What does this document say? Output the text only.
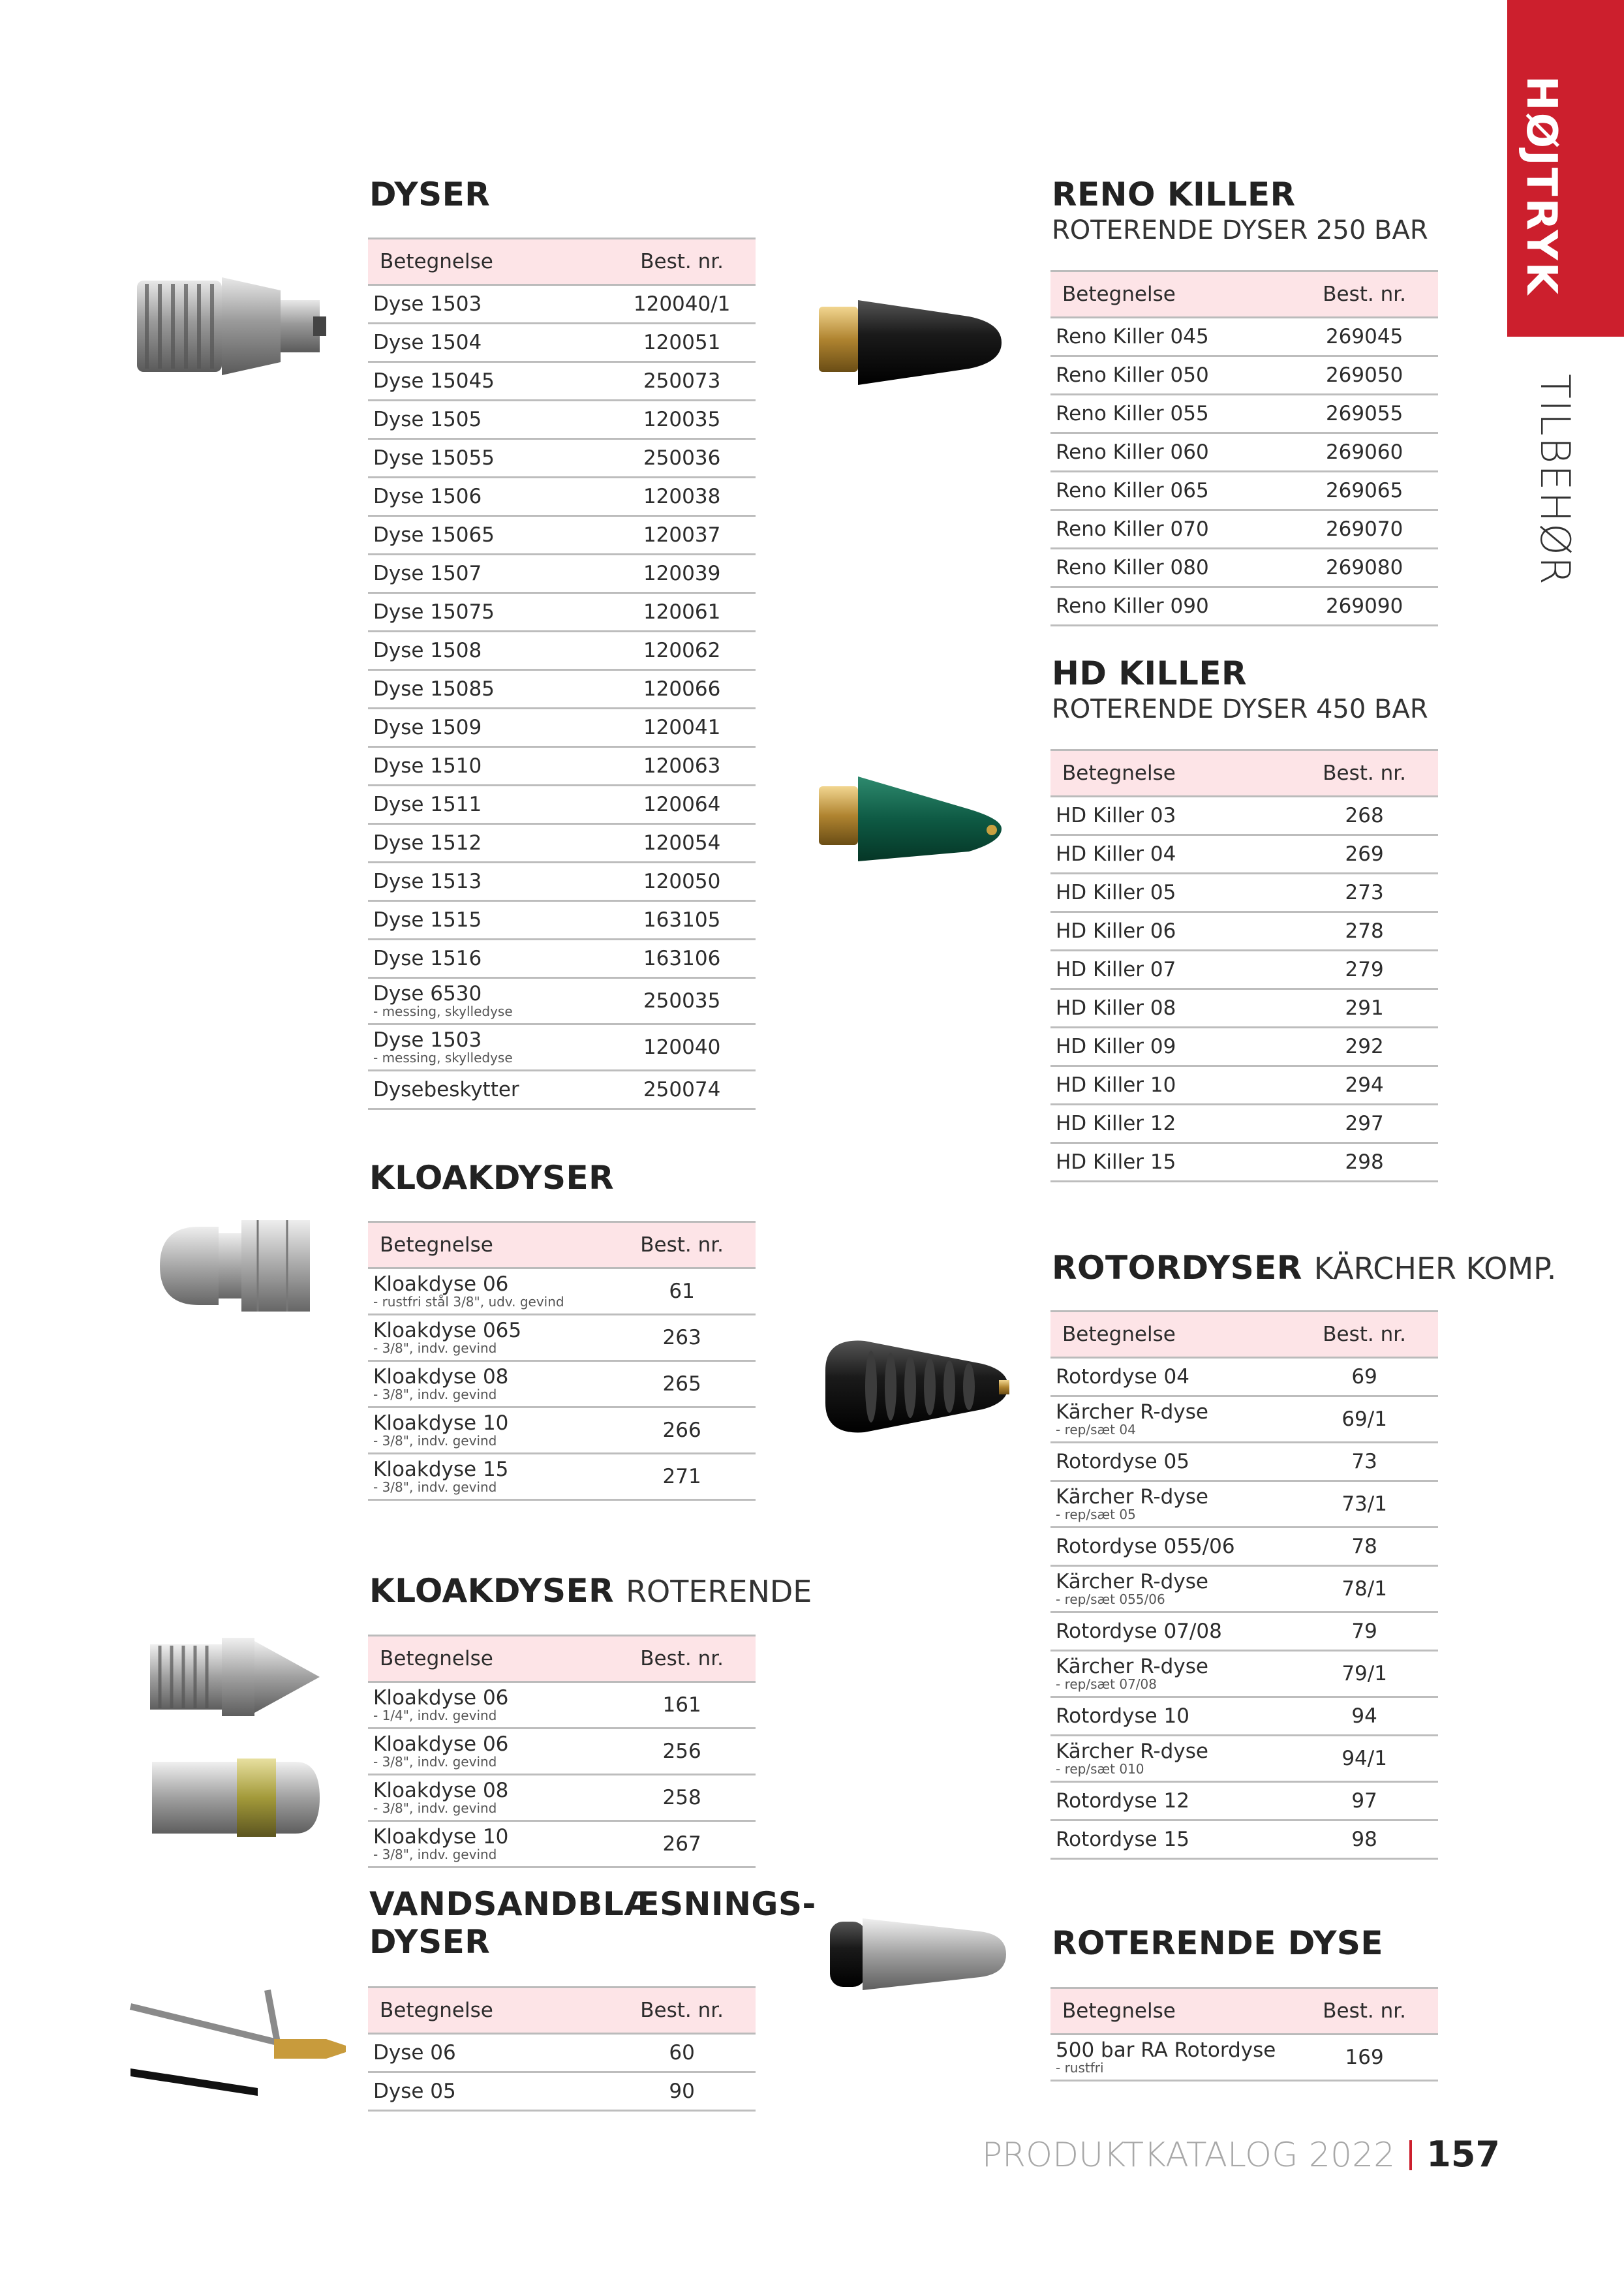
HØJTRYK
TILBEHØR
DYSER
Betegnelse	Best. nr.

Dyse 1503	120040/1

Dyse 1504	120051

Dyse 15045	250073

Dyse 1505	120035

Dyse 15055	250036

Dyse 1506	120038

Dyse 15065	120037

Dyse 1507	120039

Dyse 15075	120061

Dyse 1508	120062

Dyse 15085	120066

Dyse 1509	120041

Dyse 1510	120063

Dyse 1511	120064

Dyse 1512	120054

Dyse 1513	120050

Dyse 1515	163105

Dyse 1516	163106

Dyse 6530
- messing, skylledyse	250035

Dyse 1503
- messing, skylledyse	120040

Dysebeskytter	250074
KLOAKDYSER
Betegnelse	Best. nr.

Kloakdyse 06
- rustfri stål 3/8", udv. gevind	61

Kloakdyse 065
- 3/8", indv. gevind	263

Kloakdyse 08
- 3/8", indv. gevind	265

Kloakdyse 10
- 3/8", indv. gevind	266

Kloakdyse 15
- 3/8", indv. gevind	271
KLOAKDYSER ROTERENDE
Betegnelse	Best. nr.

Kloakdyse 06
- 1/4", indv. gevind	161

Kloakdyse 06
- 3/8", indv. gevind	256

Kloakdyse 08
- 3/8", indv. gevind	258

Kloakdyse 10
- 3/8", indv. gevind	267
VANDSANDBLÆSNINGS-
DYSER
Betegnelse	Best. nr.

Dyse 06	60

Dyse 05	90
RENO KILLER
ROTERENDE DYSER 250 BAR
Betegnelse	Best. nr.

Reno Killer 045	269045

Reno Killer 050	269050

Reno Killer 055	269055

Reno Killer 060	269060

Reno Killer 065	269065

Reno Killer 070	269070

Reno Killer 080	269080

Reno Killer 090	269090
HD KILLER
ROTERENDE DYSER 450 BAR
Betegnelse	Best. nr.

HD Killer 03	268

HD Killer 04	269

HD Killer 05	273

HD Killer 06	278

HD Killer 07	279

HD Killer 08	291

HD Killer 09	292

HD Killer 10	294

HD Killer 12	297

HD Killer 15	298
ROTORDYSER KÄRCHER KOMP.
Betegnelse	Best. nr.

Rotordyse 04	69

Kärcher R-dyse
- rep/sæt 04	69/1

Rotordyse 05	73

Kärcher R-dyse
- rep/sæt 05	73/1

Rotordyse 055/06	78

Kärcher R-dyse
- rep/sæt 055/06	78/1

Rotordyse 07/08	79

Kärcher R-dyse
- rep/sæt 07/08	79/1

Rotordyse 10	94

Kärcher R-dyse
- rep/sæt 010	94/1

Rotordyse 12	97

Rotordyse 15	98
ROTERENDE DYSE
Betegnelse	Best. nr.

500 bar RA Rotordyse
- rustfri	169
PRODUKTKATALOG 2022 157
